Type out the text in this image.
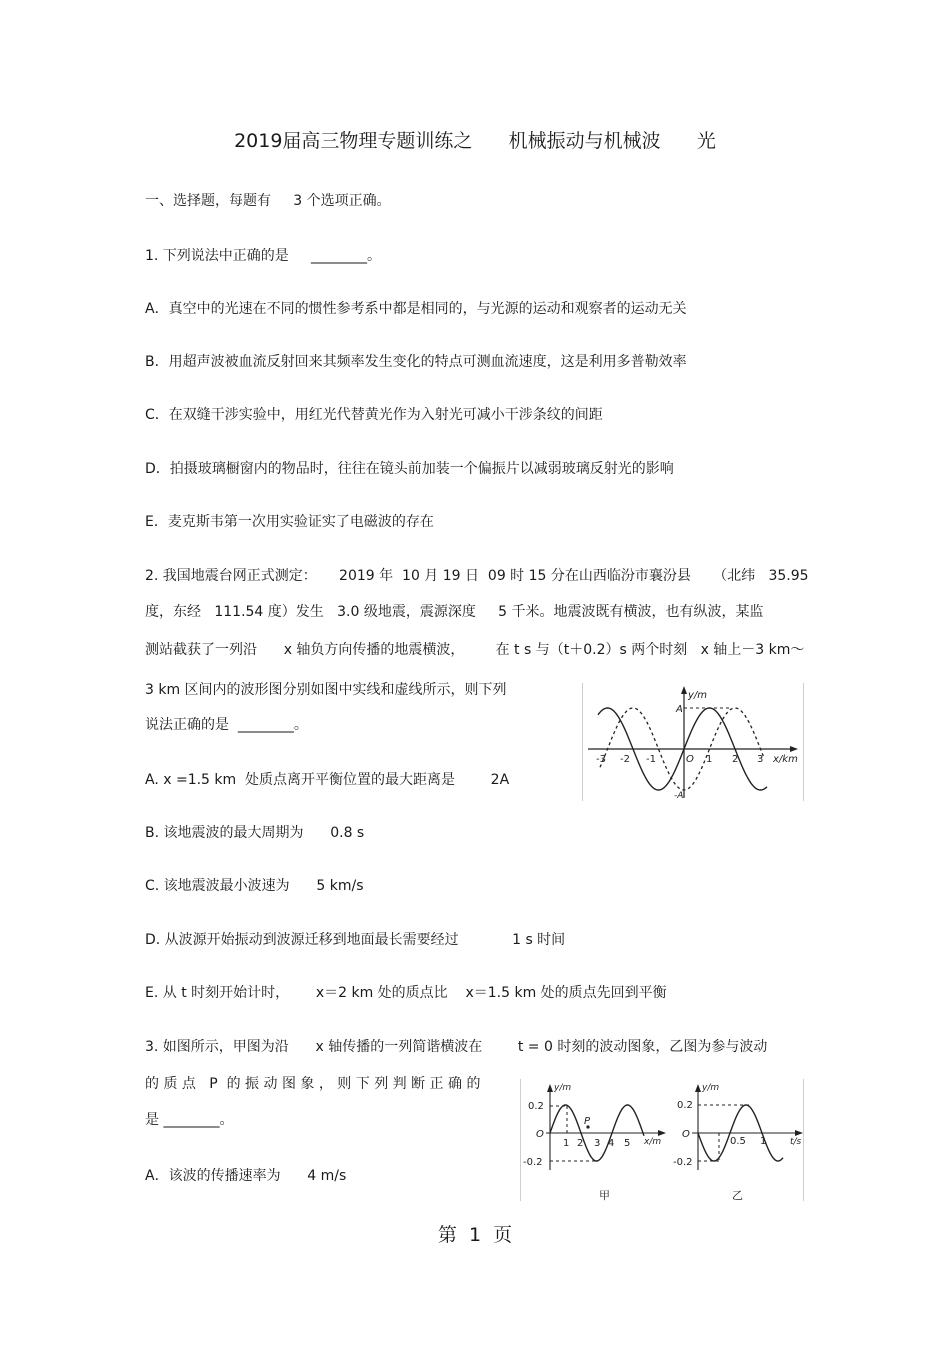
2019届高三物理专题训练之      机械振动与机械波      光

一、选择题，每题有     3 个选项正确。

1. 下列说法中正确的是     ________。

A．真空中的光速在不同的惯性参考系中都是相同的，与光源的运动和观察者的运动无关

B．用超声波被血流反射回来其频率发生变化的特点可测血流速度，这是利用多普勒效率

C．在双缝干涉实验中，用红光代替黄光作为入射光可减小干涉条纹的间距

D．拍摄玻璃橱窗内的物品时，往往在镜头前加装一个偏振片以减弱玻璃反射光的影响

E．麦克斯韦第一次用实验证实了电磁波的存在

2. 我国地震台网正式测定：     2019 年  10 月 19 日  09 时 15 分在山西临汾市襄汾县     （北纬   35.95

度，东经   111.54 度）发生   3.0 级地震，震源深度     5 千米。地震波既有横波，也有纵波，某监

测站截获了一列沿      x 轴负方向传播的地震横波，       在 t s 与（t＋0.2）s 两个时刻   x 轴上－3 km～

3 km 区间内的波形图分别如图中实线和虚线所示，则下列

说法正确的是  ________。

A. x =1.5 km  处质点离开平衡位置的最大距离是        2A

B. 该地震波的最大周期为      0.8 s

C. 该地震波最小波速为      5 km/s

D. 从波源开始振动到波源迁移到地面最长需要经过            1 s 时间

E. 从 t 时刻开始计时，      x＝2 km 处的质点比    x＝1.5 km 处的质点先回到平衡

y/m
x/km
A
-A
O
-3 -2 -1	1 2 3

3. 如图所示，甲图为沿      x 轴传播的一列简谐横波在        t = 0 时刻的波动图象，乙图为参与波动

的 质 点   P  的 振 动 图 象 ， 则 下 列 判 断 正 确 的

是 ________。

A．该波的传播速率为      4 m/s

y/m
x/m
0.2
-0.2
O
P
1 2 3 4 5
甲
y/m
t/s
0.2
-0.2
O
0.5 1
乙
第  1  页
